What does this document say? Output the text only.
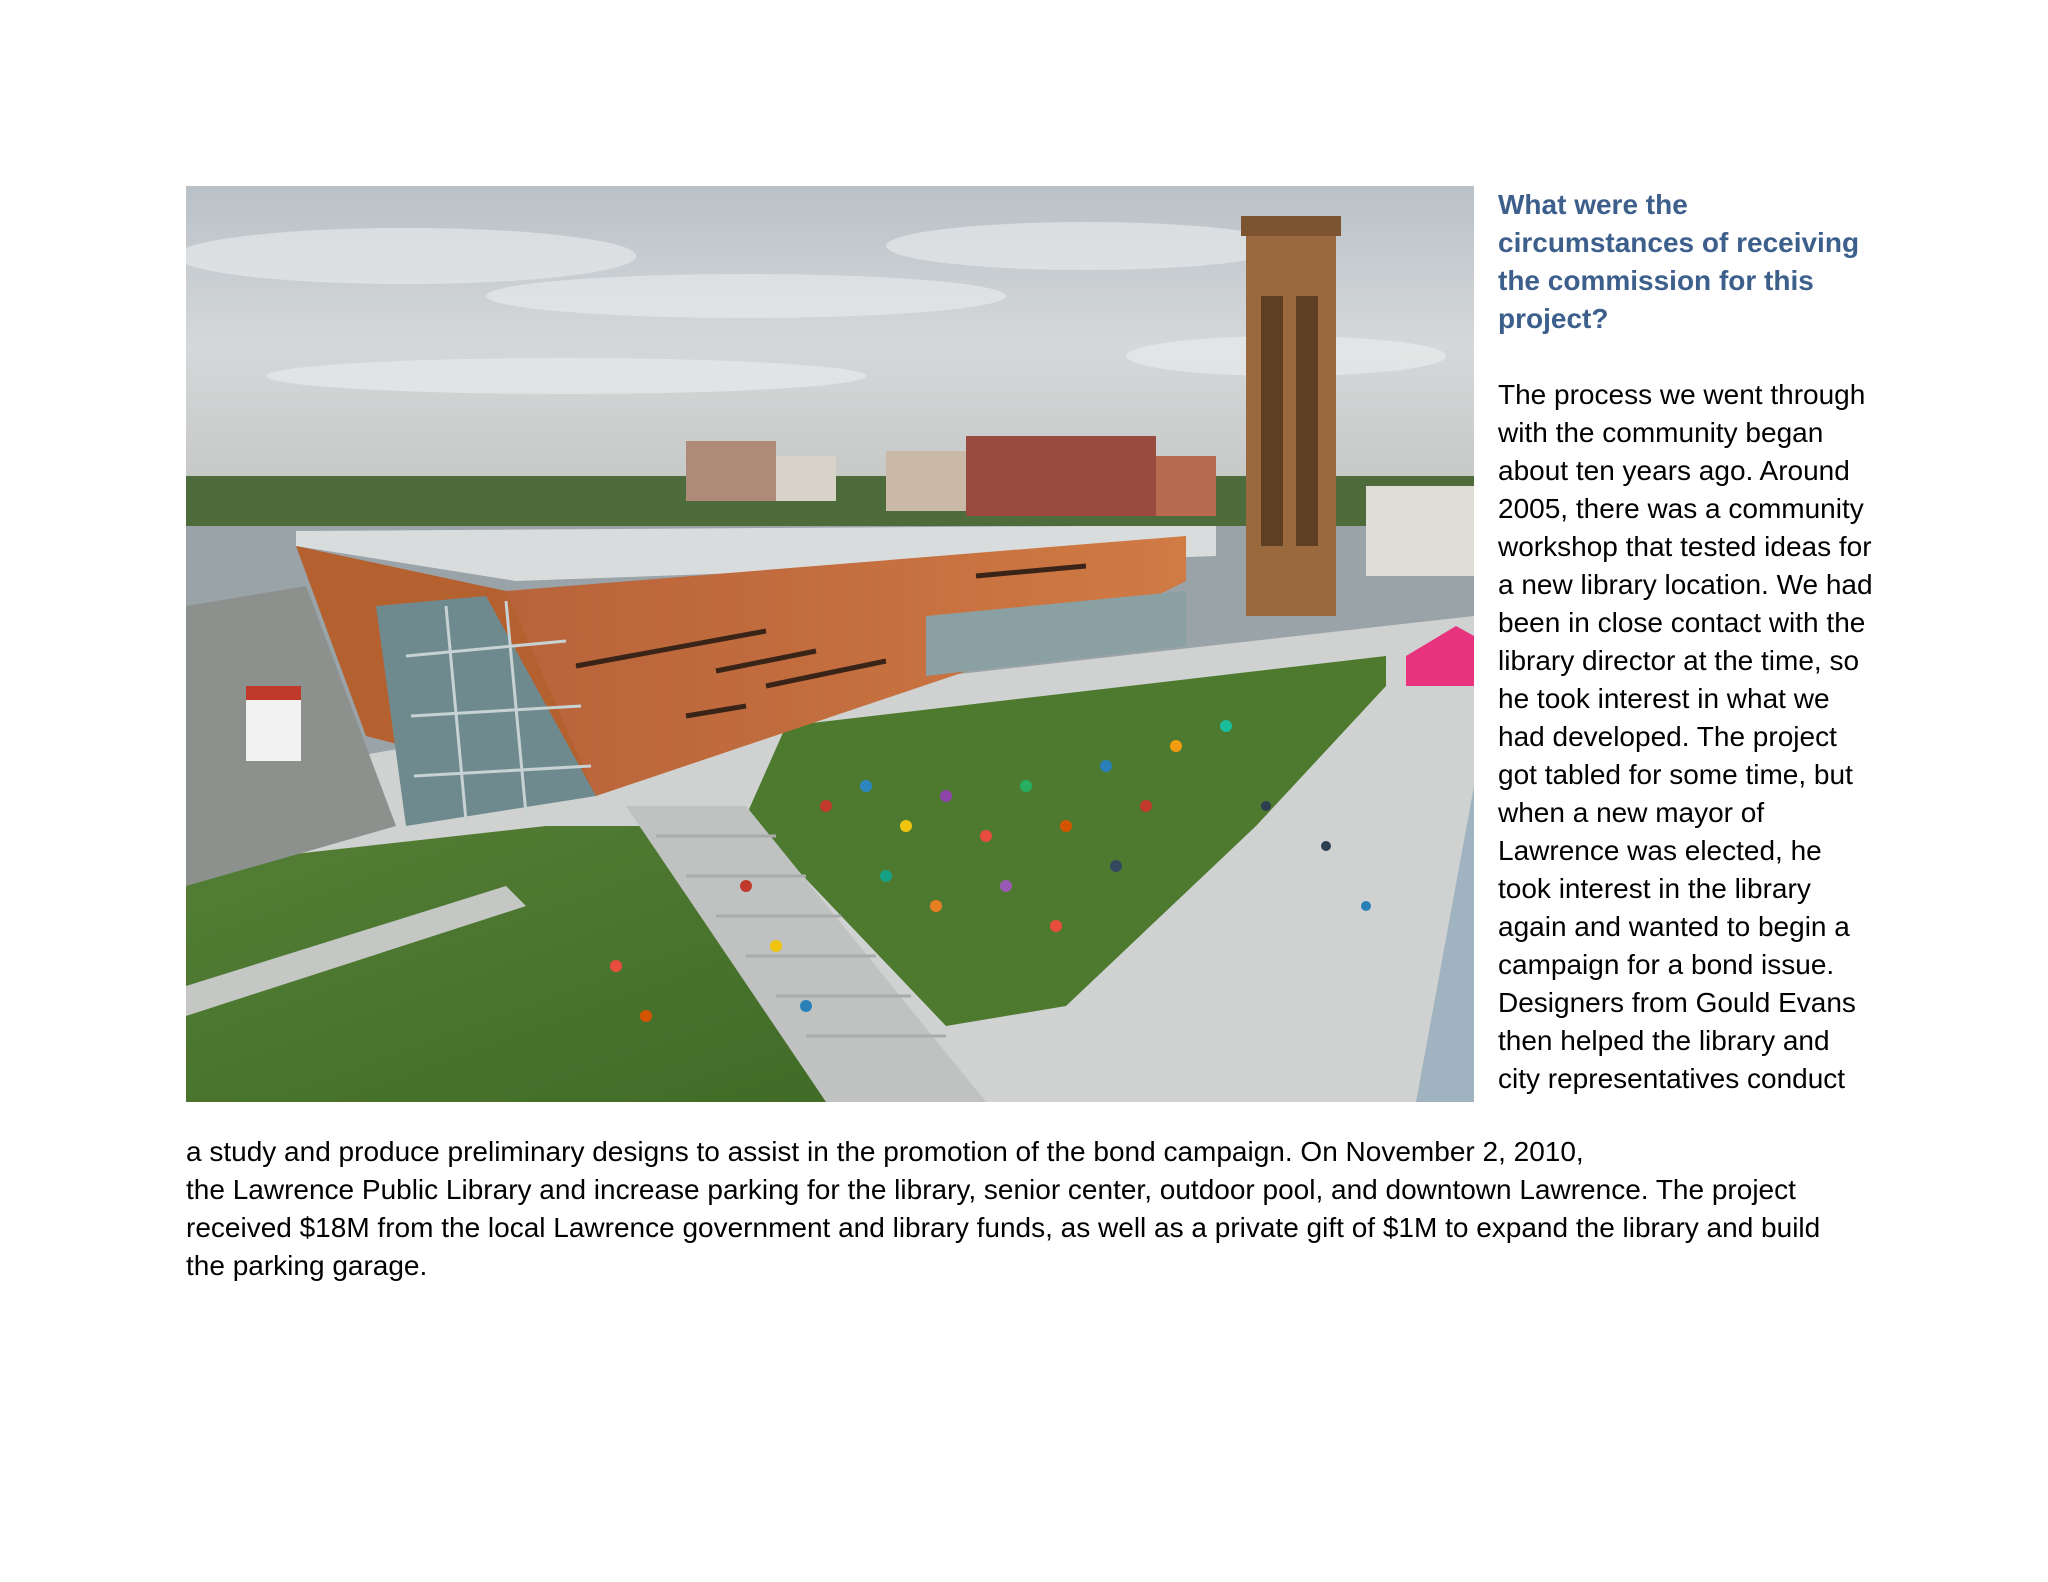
What were the circumstances of receiving the commission for this project?
The process we went through with the community began about ten years ago. Around 2005, there was a community workshop that tested ideas for a new library location. We had been in close contact with the library director at the time, so he took interest in what we had developed. The project got tabled for some time, but when a new mayor of Lawrence was elected, he took interest in the library again and wanted to begin a campaign for a bond issue. Designers from Gould Evans then helped the library and city representatives conduct
a study and produce preliminary designs to assist in the promotion of the bond campaign. On November 2, 2010,

the Lawrence Public Library and increase parking for the library, senior center, outdoor pool, and downtown Lawrence. The project received $18M from the local Lawrence government and library funds, as well as a private gift of $1M to expand the library and build the parking garage.
